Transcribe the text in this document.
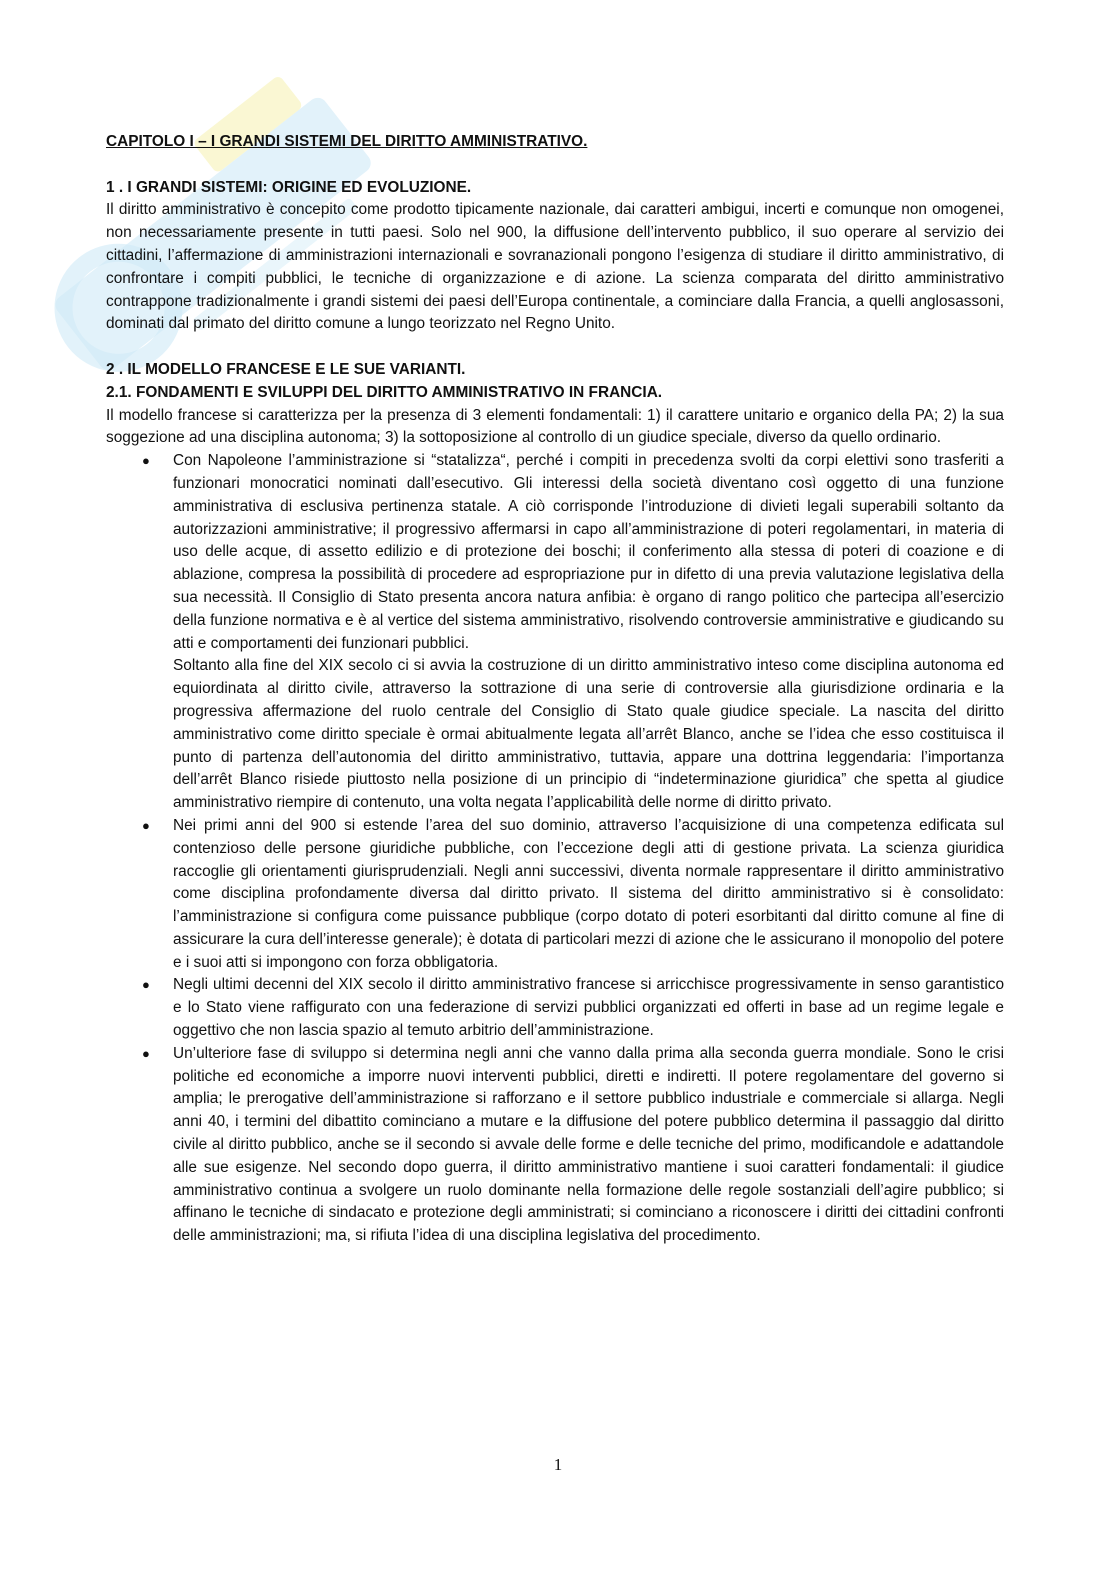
CAPITOLO I – I GRANDI SISTEMI DEL DIRITTO AMMINISTRATIVO.

1 . I GRANDI SISTEMI: ORIGINE ED EVOLUZIONE.

Il diritto amministrativo è concepito come prodotto tipicamente nazionale, dai caratteri ambigui, incerti e comunque non omogenei, non necessariamente presente in tutti paesi. Solo nel 900, la diffusione dell’intervento pubblico, il suo operare al servizio dei cittadini, l’affermazione di amministrazioni internazionali e sovranazionali pongono l’esigenza di studiare il diritto amministrativo, di confrontare i compiti pubblici, le tecniche di organizzazione e di azione. La scienza comparata del diritto amministrativo contrappone tradizionalmente i grandi sistemi dei paesi dell’Europa continentale, a cominciare dalla Francia, a quelli anglosassoni, dominati dal primato del diritto comune a lungo teorizzato nel Regno Unito.

2 . IL MODELLO FRANCESE E LE SUE VARIANTI.

2.1. FONDAMENTI E SVILUPPI DEL DIRITTO AMMINISTRATIVO IN FRANCIA.

Il modello francese si caratterizza per la presenza di 3 elementi fondamentali: 1) il carattere unitario e organico della PA; 2) la sua soggezione ad una disciplina autonoma; 3) la sottoposizione al controllo di un giudice speciale, diverso da quello ordinario.

● Con Napoleone l’amministrazione si “statalizza“, perché i compiti in precedenza svolti da corpi elettivi sono trasferiti a funzionari monocratici nominati dall’esecutivo. Gli interessi della società diventano così oggetto di una funzione amministrativa di esclusiva pertinenza statale. A ciò corrisponde l’introduzione di divieti legali superabili soltanto da autorizzazioni amministrative; il progressivo affermarsi in capo all’amministrazione di poteri regolamentari, in materia di uso delle acque, di assetto edilizio e di protezione dei boschi; il conferimento alla stessa di poteri di coazione e di ablazione, compresa la possibilità di procedere ad espropriazione pur in difetto di una previa valutazione legislativa della sua necessità. Il Consiglio di Stato presenta ancora natura anfibia: è organo di rango politico che partecipa all’esercizio della funzione normativa e è al vertice del sistema amministrativo, risolvendo controversie amministrative e giudicando su atti e comportamenti dei funzionari pubblici.
Soltanto alla fine del XIX secolo ci si avvia la costruzione di un diritto amministrativo inteso come disciplina autonoma ed equiordinata al diritto civile, attraverso la sottrazione di una serie di controversie alla giurisdizione ordinaria e la progressiva affermazione del ruolo centrale del Consiglio di Stato quale giudice speciale. La nascita del diritto amministrativo come diritto speciale è ormai abitualmente legata all’arrêt Blanco, anche se l’idea che esso costituisca il punto di partenza dell’autonomia del diritto amministrativo, tuttavia, appare una dottrina leggendaria: l’importanza dell’arrêt Blanco risiede piuttosto nella posizione di un principio di “indeterminazione giuridica” che spetta al giudice amministrativo riempire di contenuto, una volta negata l’applicabilità delle norme di diritto privato.
● Nei primi anni del 900 si estende l’area del suo dominio, attraverso l’acquisizione di una competenza edificata sul contenzioso delle persone giuridiche pubbliche, con l’eccezione degli atti di gestione privata. La scienza giuridica raccoglie gli orientamenti giurisprudenziali. Negli anni successivi, diventa normale rappresentare il diritto amministrativo come disciplina profondamente diversa dal diritto privato. Il sistema del diritto amministrativo si è consolidato: l’amministrazione si configura come puissance pubblique (corpo dotato di poteri esorbitanti dal diritto comune al fine di assicurare la cura dell’interesse generale); è dotata di particolari mezzi di azione che le assicurano il monopolio del potere e i suoi atti si impongono con forza obbligatoria.
● Negli ultimi decenni del XIX secolo il diritto amministrativo francese si arricchisce progressivamente in senso garantistico e lo Stato viene raffigurato con una federazione di servizi pubblici organizzati ed offerti in base ad un regime legale e oggettivo che non lascia spazio al temuto arbitrio dell’amministrazione.
● Un’ulteriore fase di sviluppo si determina negli anni che vanno dalla prima alla seconda guerra mondiale. Sono le crisi politiche ed economiche a imporre nuovi interventi pubblici, diretti e indiretti. Il potere regolamentare del governo si amplia; le prerogative dell’amministrazione si rafforzano e il settore pubblico industriale e commerciale si allarga. Negli anni 40, i termini del dibattito cominciano a mutare e la diffusione del potere pubblico determina il passaggio dal diritto civile al diritto pubblico, anche se il secondo si avvale delle forme e delle tecniche del primo, modificandole e adattandole alle sue esigenze. Nel secondo dopo guerra, il diritto amministrativo mantiene i suoi caratteri fondamentali: il giudice amministrativo continua a svolgere un ruolo dominante nella formazione delle regole sostanziali dell’agire pubblico; si affinano le tecniche di sindacato e protezione degli amministrati; si cominciano a riconoscere i diritti dei cittadini confronti delle amministrazioni; ma, si rifiuta l’idea di una disciplina legislativa del procedimento.
1
